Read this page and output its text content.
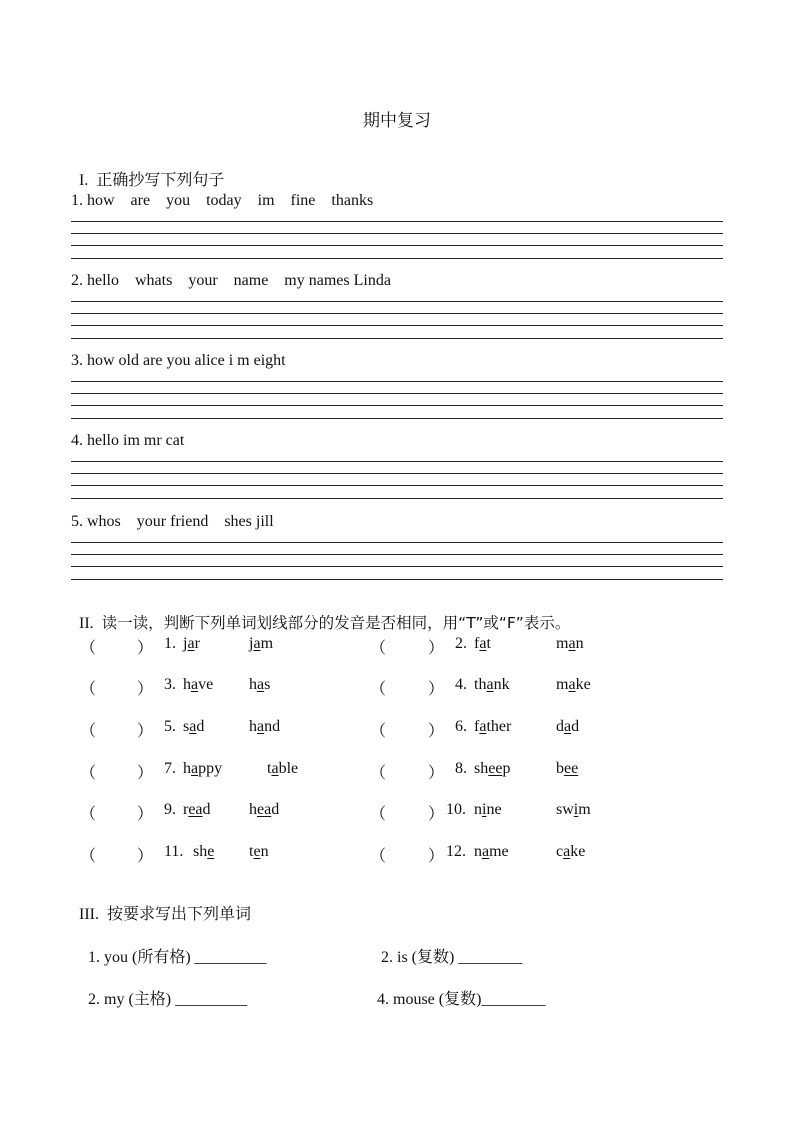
期中复习

I. 正确抄写下列句子

1. how    are    you    today    im    fine    thanks
2. hello    whats    your    name    my names Linda
3. how old are you alice i m eight
4. hello im mr cat
5. whos    your friend    shes jill

II. 读一读，判断下列单词划线部分的发音是否相同，用“T”或“F”表示。

（	） 1. jar	jam	（	） 2. fat	man
（	） 3. have has	（	） 4. thank	make
（	） 5. sad	hand	（	） 6. father	dad
（	） 7. happy	table	（	） 8. sheep	bee
（	） 9. read head	（	） 10. nine	swim
（	） 11. she ten	（	） 12. name	cake

III. 按要求写出下列单词

1. you (所有格) _________	2. is (复数) ________

2. my (主格) _________	4. mouse (复数)________
